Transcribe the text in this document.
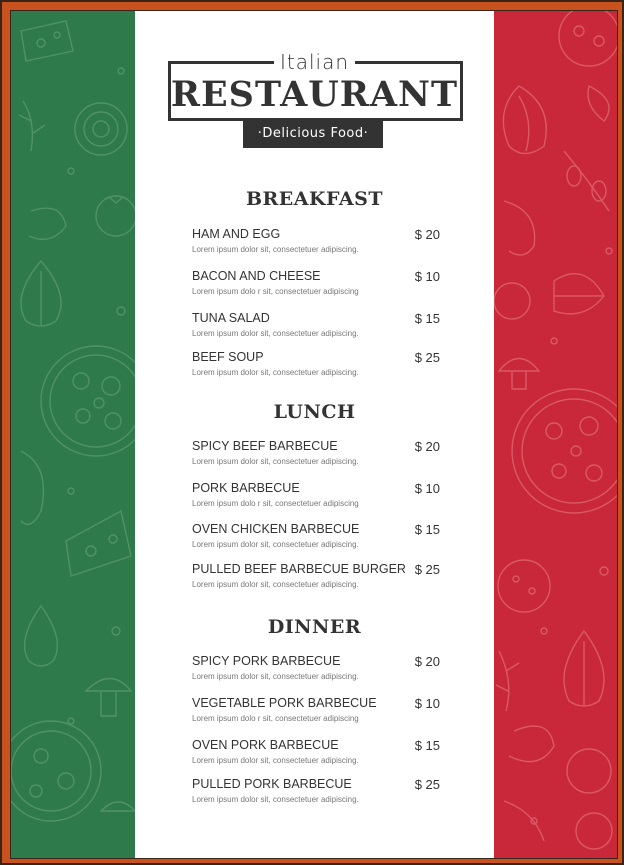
Italian
RESTAURANT
·Delicious Food·
BREAKFAST
HAM AND EGG
Lorem ipsum dolor sit, consectetuer adipiscing.
$ 20
BACON AND CHEESE
Lorem ipsum dolo r sit, consectetuer adipiscing
$ 10
TUNA SALAD
Lorem ipsum dolor sit, consectetuer adipiscing.
$ 15
BEEF SOUP
Lorem ipsum dolor sit, consectetuer adipiscing.
$ 25
LUNCH
SPICY BEEF BARBECUE
Lorem ipsum dolor sit, consectetuer adipiscing.
$ 20
PORK BARBECUE
Lorem ipsum dolo r sit, consectetuer adipiscing
$ 10
OVEN CHICKEN BARBECUE
Lorem ipsum dolor sit, consectetuer adipiscing.
$ 15
PULLED BEEF BARBECUE BURGER
Lorem ipsum dolor sit, consectetuer adipiscing.
$ 25
DINNER
SPICY PORK BARBECUE
Lorem ipsum dolor sit, consectetuer adipiscing.
$ 20
VEGETABLE PORK BARBECUE
Lorem ipsum dolo r sit, consectetuer adipiscing
$ 10
OVEN PORK BARBECUE
Lorem ipsum dolor sit, consectetuer adipiscing.
$ 15
PULLED PORK BARBECUE
Lorem ipsum dolor sit, consectetuer adipiscing.
$ 25
